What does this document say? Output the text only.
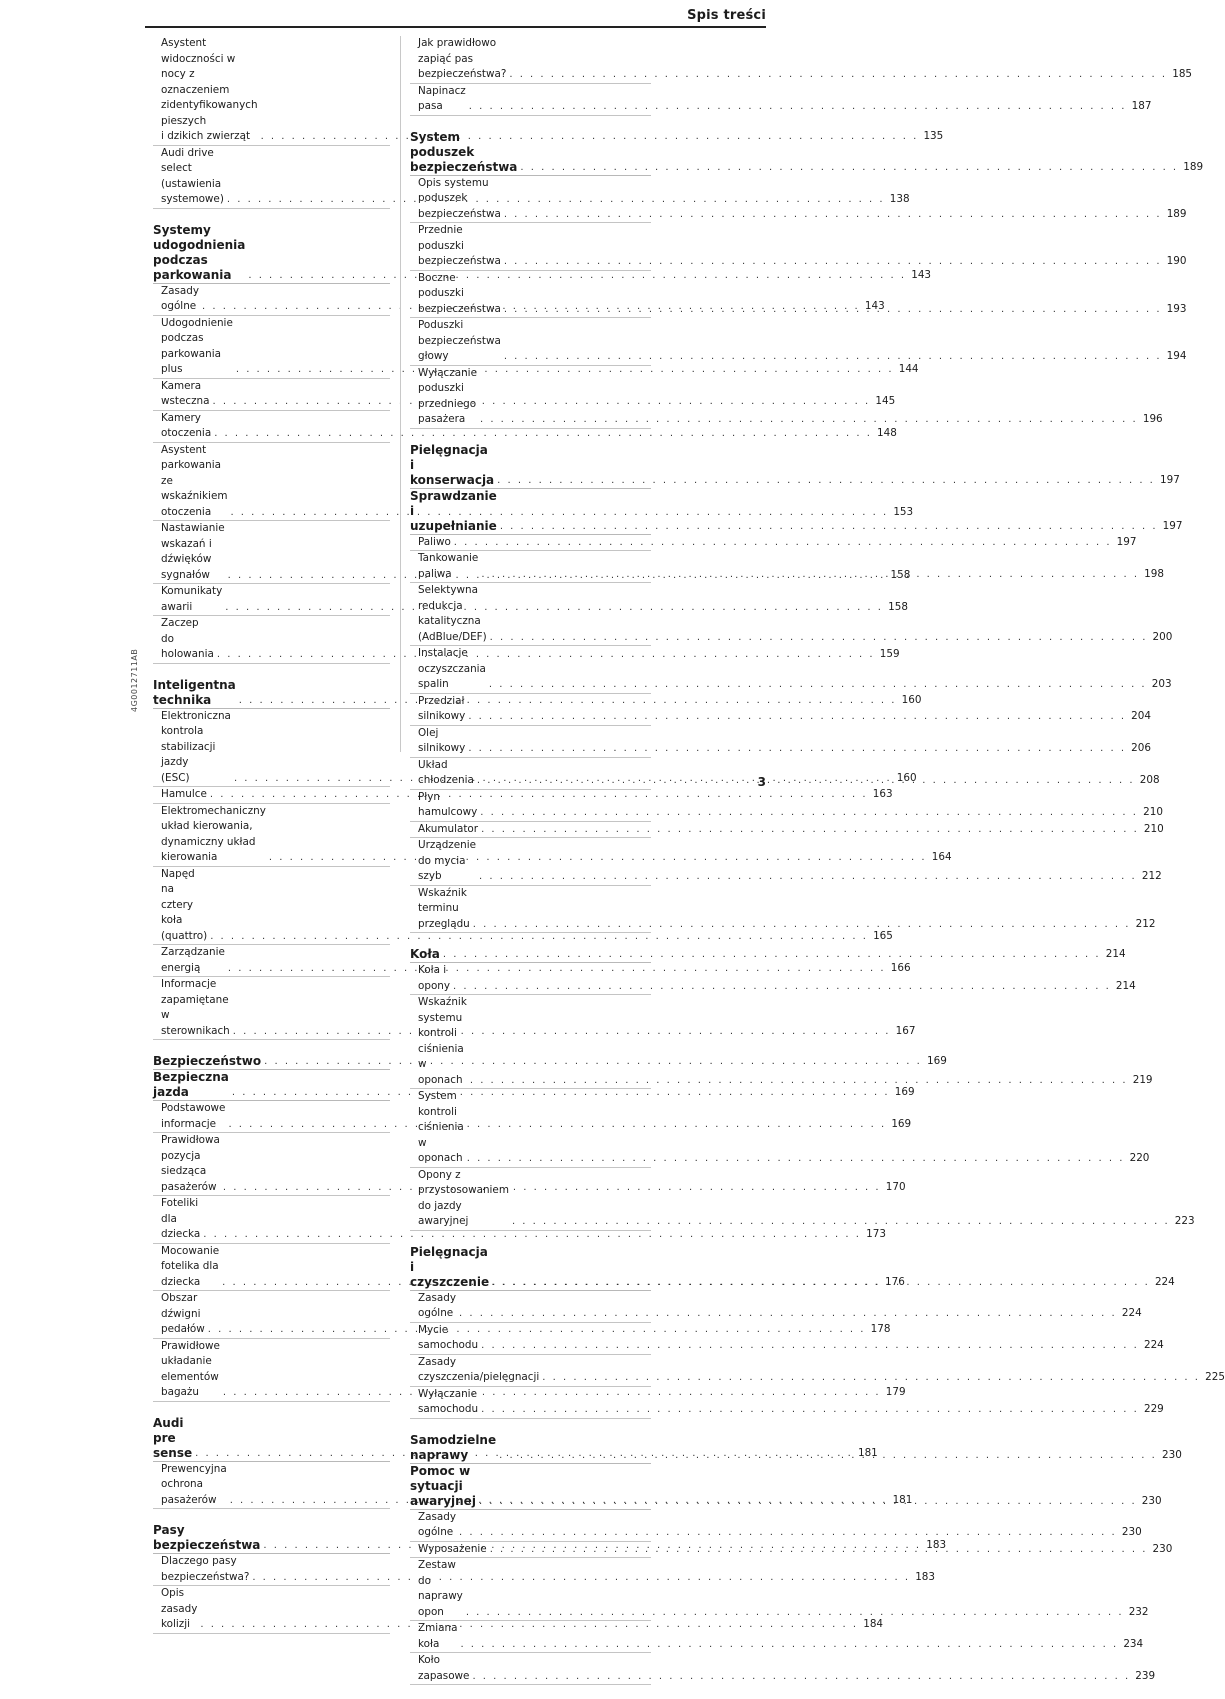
Spis treści
Asystent widoczności w nocy z
oznaczeniem zidentyfikowanych pieszych
i dzikich zwierząt . . .	135
Audi drive select (ustawienia systemowe) . . .	138
Systemy udogodnienia podczas
parkowania . . .	143
Zasady ogólne . . .	143
Udogodnienie podczas parkowania plus . . .	144
Kamera wsteczna . . .	145
Kamery otoczenia . . .	148
Asystent parkowania ze wskaźnikiem
otoczenia . . .	153
Nastawianie wskazań i dźwięków
sygnałów . . .	158
Komunikaty awarii . . .	158
Zaczep do holowania . . .	159
Inteligentna technika . . .	160
Elektroniczna kontrola stabilizacji jazdy
(ESC) . . .	160
Hamulce . . .	163
Elektromechaniczny układ kierowania,
dynamiczny układ kierowania . . .	164
Napęd na cztery koła (quattro) . . .	165
Zarządzanie energią . . .	166
Informacje zapamiętane w sterownikach . . .	167
Bezpieczeństwo . . .	169
Bezpieczna jazda . . .	169
Podstawowe informacje . . .	169
Prawidłowa pozycja siedząca pasażerów . . .	170
Foteliki dla dziecka . . .	173
Mocowanie fotelika dla dziecka . . .	176
Obszar dźwigni pedałów . . .	178
Prawidłowe układanie elementów bagażu . . .	179
Audi pre sense . . .	181
Prewencyjna ochrona pasażerów . . .	181
Pasy bezpieczeństwa . . .	183
Dlaczego pasy bezpieczeństwa? . . .	183
Opis zasady kolizji . . .	184
Jak prawidłowo zapiąć pas
bezpieczeństwa? . . .	185
Napinacz pasa . . .	187
System poduszek
bezpieczeństwa . . .	189
Opis systemu poduszek bezpieczeństwa . . .	189
Przednie poduszki bezpieczeństwa . . .	190
Boczne poduszki bezpieczeństwa . . .	193
Poduszki bezpieczeństwa głowy . . .	194
Wyłączanie poduszki przedniego pasażera . . .	196
Pielęgnacja i konserwacja . . .	197
Sprawdzanie i uzupełnianie . . .	197
Paliwo . . .	197
Tankowanie paliwa . . .	198
Selektywna redukcja katalityczna
(AdBlue/DEF) . . .	200
Instalacje oczyszczania spalin . . .	203
Przedział silnikowy . . .	204
Olej silnikowy . . .	206
Układ chłodzenia . . .	208
Płyn hamulcowy . . .	210
Akumulator . . .	210
Urządzenie do mycia szyb . . .	212
Wskaźnik terminu przeglądu . . .	212
Koła . . .	214
Koła i opony . . .	214
Wskaźnik systemu kontroli ciśnienia w
oponach . . .	219
System kontroli ciśnienia w oponach . . .	220
Opony z przystosowaniem do jazdy
awaryjnej . . .	223
Pielęgnacja i czyszczenie . . .	224
Zasady ogólne . . .	224
Mycie samochodu . . .	224
Zasady czyszczenia/pielęgnacji . . .	225
Wyłączanie samochodu . . .	229
Samodzielne naprawy . . .	230
Pomoc w sytuacji awaryjnej . . .	230
Zasady ogólne . . .	230
Wyposażenie . . .	230
Zestaw do naprawy opon . . .	232
Zmiana koła . . .	234
Koło zapasowe . . .	239
4G0012711AB
3
